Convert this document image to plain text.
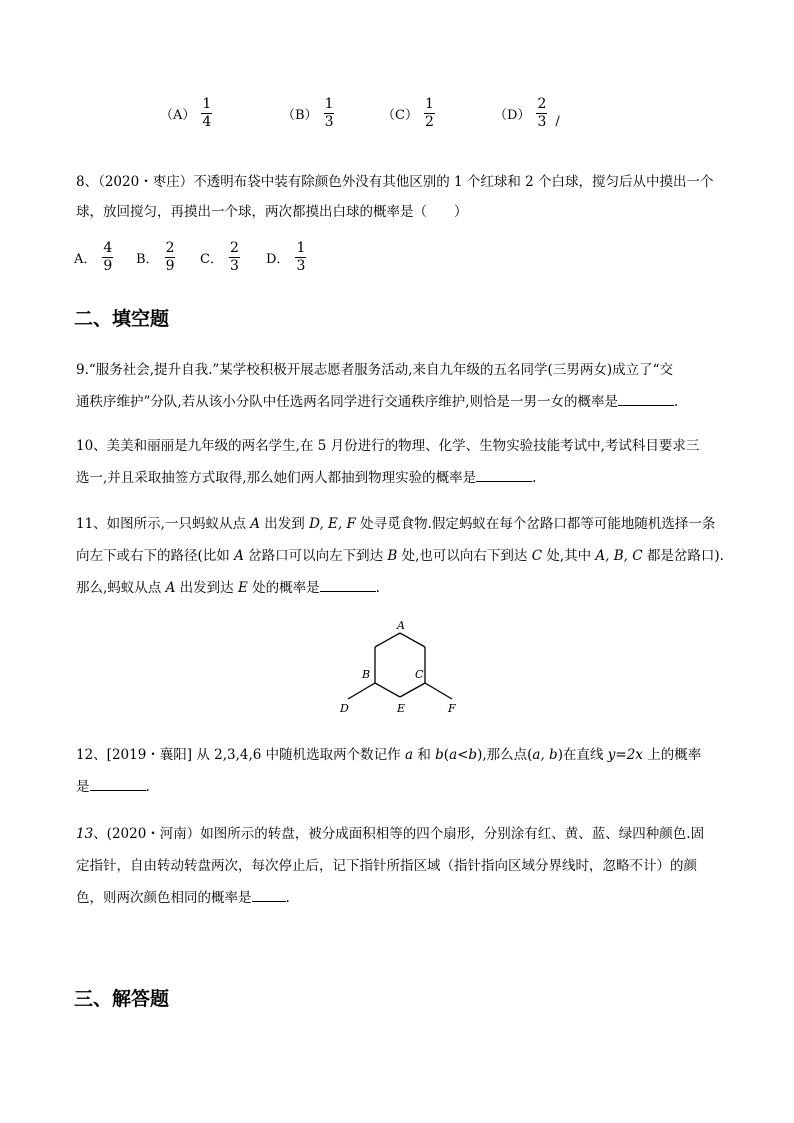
$(A) \frac{1}{4}$	$(B) \frac{1}{3}$	$(C) \frac{1}{2}$	$(D) \frac{2}{3}$ /
8、（2020・枣庄）不透明布袋中装有除颜色外没有其他区别的 1 个红球和 2 个白球，搅匀后从中摸出一个
球，放回搅匀，再摸出一个球，两次都摸出白球的概率是（　　）
A． $\frac{4}{9}$ B． $\frac{2}{9}$ C． $\frac{2}{3}$ D． $\frac{1}{3}$
二、填空题
9.“服务社会,提升自我.”某学校积极开展志愿者服务活动,来自九年级的五名同学(三男两女)成立了“交
通秩序维护”分队,若从该小分队中任选两名同学进行交通秩序维护,则恰是一男一女的概率是	.
10、美美和丽丽是九年级的两名学生,在 5 月份进行的物理、化学、生物实验技能考试中,考试科目要求三
选一,并且采取抽签方式取得,那么她们两人都抽到物理实验的概率是	.
11、如图所示,一只蚂蚁从点 A 出发到 D, E, F 处寻觅食物.假定蚂蚁在每个岔路口都等可能地随机选择一条
向左下或右下的路径(比如 A 岔路口可以向左下到达 B 处,也可以向右下到达 C 处,其中 A, B, C 都是岔路口).
那么,蚂蚁从点 A 出发到达 E 处的概率是	.
A
B	C
D	E	F
12、[2019・襄阳] 从 2,3,4,6 中随机选取两个数记作 a 和 b(a<b),那么点(a, b)在直线 y=2x 上的概率
是	.
13、(2020・河南）如图所示的转盘，被分成面积相等的四个扇形，分别涂有红、黄、蓝、绿四种颜色.固
定指针，自由转动转盘两次，每次停止后，记下指针所指区域（指针指向区域分界线时，忽略不计）的颜
色，则两次颜色相同的概率是	.
三、解答题
